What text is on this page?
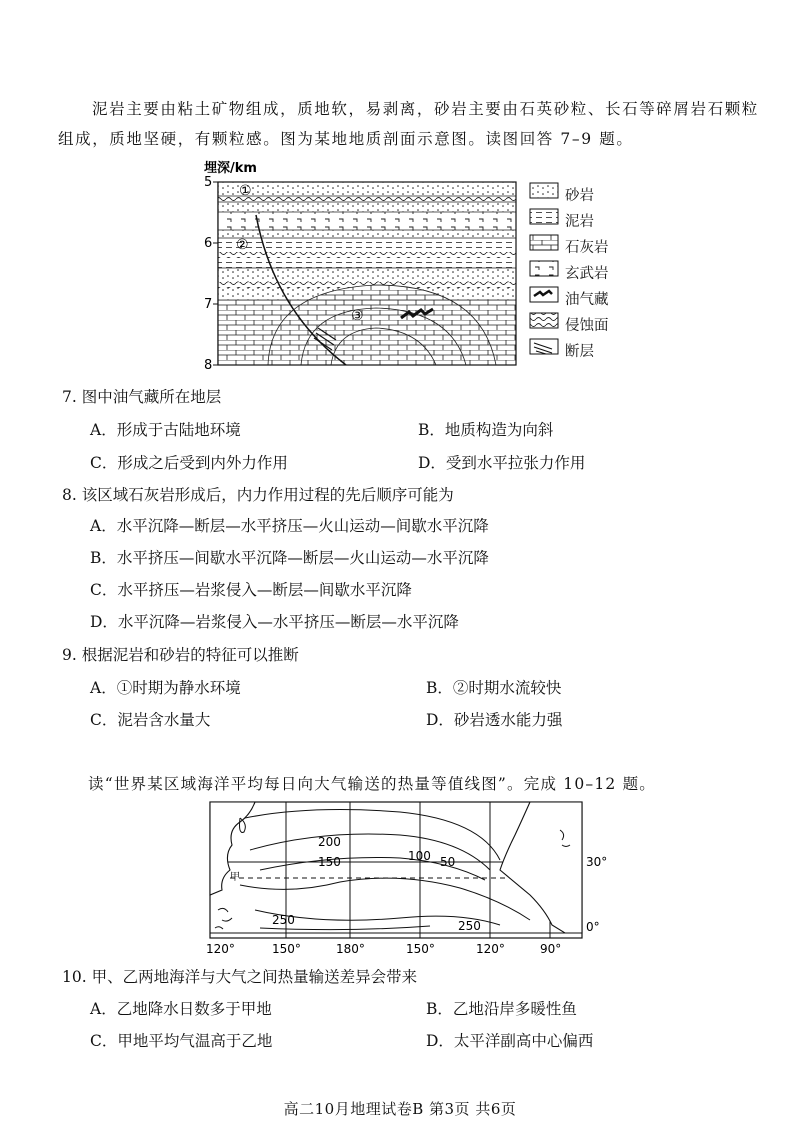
泥岩主要由粘土矿物组成，质地软，易剥离，砂岩主要由石英砂粒、长石等碎屑岩石颗粒
组成，质地坚硬，有颗粒感。图为某地地质剖面示意图。读图回答 7–9 题。
埋深/km
5
6
7
8
①
②
③
砂岩
泥岩
石灰岩
玄武岩
油气藏
侵蚀面
断层
7. 图中油气藏所在地层
A．形成于古陆地环境	B．地质构造为向斜
C．形成之后受到内外力作用	D．受到水平拉张力作用
8. 该区域石灰岩形成后，内力作用过程的先后顺序可能为
A．水平沉降—断层—水平挤压—火山运动—间歇水平沉降
B．水平挤压—间歇水平沉降—断层—火山运动—水平沉降
C．水平挤压—岩浆侵入—断层—间歇水平沉降
D．水平沉降—岩浆侵入—水平挤压—断层—水平沉降
9. 根据泥岩和砂岩的特征可以推断
A．①时期为静水环境	B．②时期水流较快
C．泥岩含水量大	D．砂岩透水能力强
读“世界某区域海洋平均每日向大气输送的热量等值线图”。完成 10–12 题。
200
150	100 50
250	250
甲
30°
0°
120°	150°	180°	150°	120°	90°
10. 甲、乙两地海洋与大气之间热量输送差异会带来
A．乙地降水日数多于甲地	B．乙地沿岸多暖性鱼
C．甲地平均气温高于乙地	D．太平洋副高中心偏西
高二10月地理试卷B 第3页 共6页
